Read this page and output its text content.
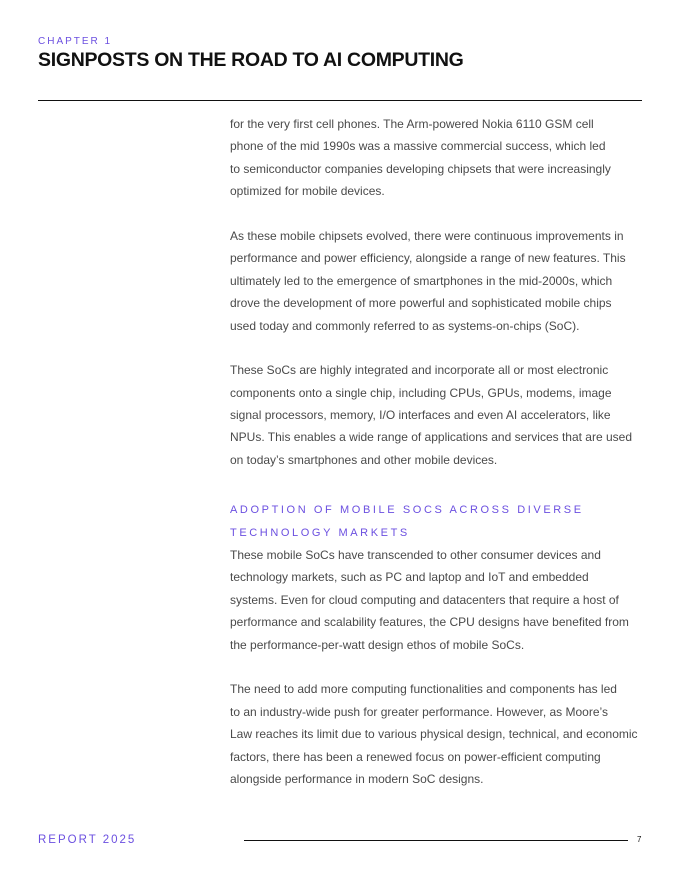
CHAPTER 1
SIGNPOSTS ON THE ROAD TO AI COMPUTING
for the very first cell phones. The Arm-powered Nokia 6110 GSM cell
phone of the mid 1990s was a massive commercial success, which led
to semiconductor companies developing chipsets that were increasingly
optimized for mobile devices.
As these mobile chipsets evolved, there were continuous improvements in
performance and power efficiency, alongside a range of new features. This
ultimately led to the emergence of smartphones in the mid-2000s, which
drove the development of more powerful and sophisticated mobile chips
used today and commonly referred to as systems-on-chips (SoC).
These SoCs are highly integrated and incorporate all or most electronic
components onto a single chip, including CPUs, GPUs, modems, image
signal processors, memory, I/O interfaces and even AI accelerators, like
NPUs. This enables a wide range of applications and services that are used
on today’s smartphones and other mobile devices.
ADOPTION OF MOBILE SOCS ACROSS DIVERSE
TECHNOLOGY MARKETS
These mobile SoCs have transcended to other consumer devices and
technology markets, such as PC and laptop and IoT and embedded
systems. Even for cloud computing and datacenters that require a host of
performance and scalability features, the CPU designs have benefited from
the performance-per-watt design ethos of mobile SoCs.
The need to add more computing functionalities and components has led
to an industry-wide push for greater performance. However, as Moore’s
Law reaches its limit due to various physical design, technical, and economic
factors, there has been a renewed focus on power-efficient computing
alongside performance in modern SoC designs.
REPORT 2025	7
